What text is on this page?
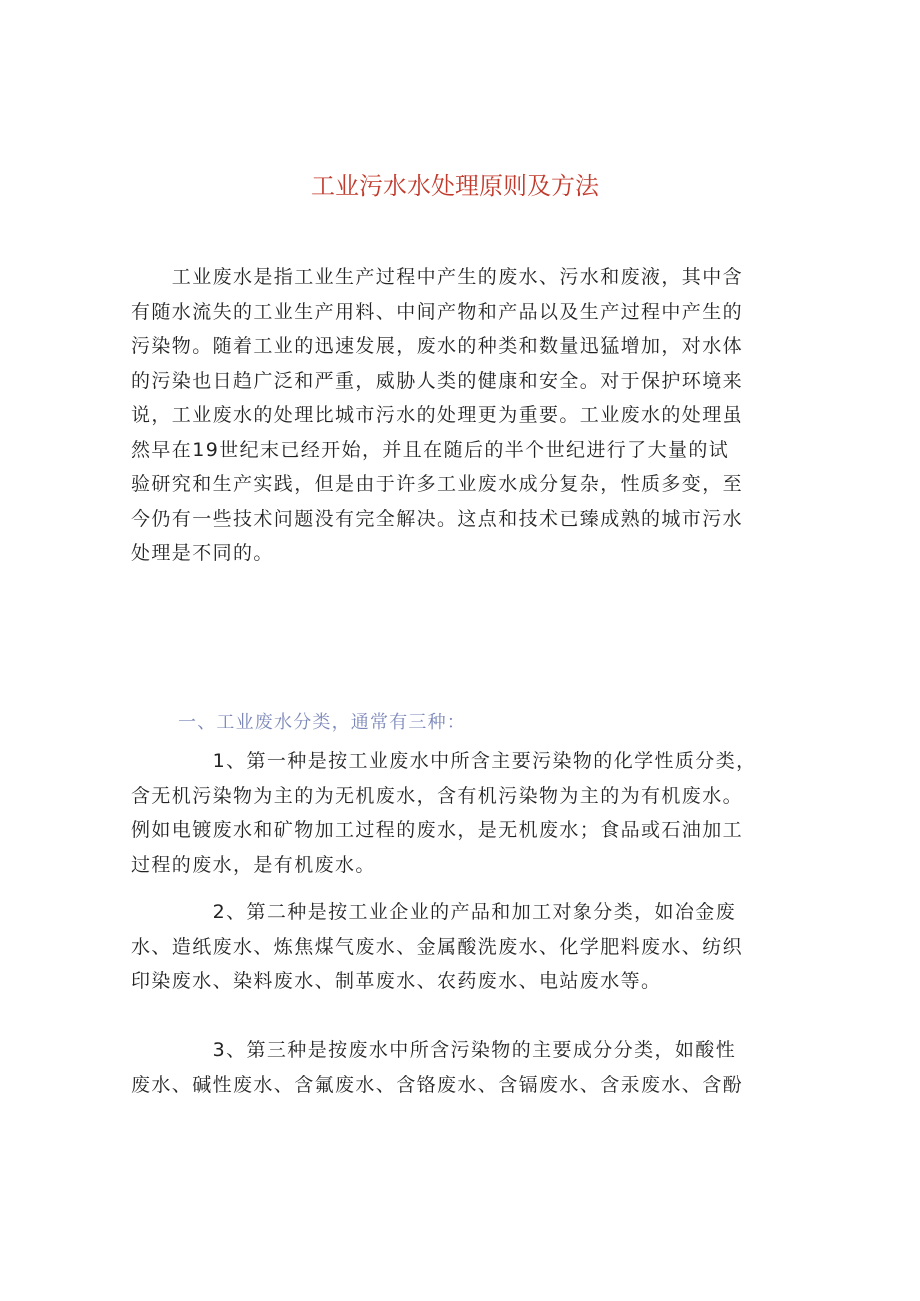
工业污水水处理原则及方法
　　工业废水是指工业生产过程中产生的废水、污水和废液，其中含
有随水流失的工业生产用料、中间产物和产品以及生产过程中产生的
污染物。随着工业的迅速发展，废水的种类和数量迅猛增加，对水体
的污染也日趋广泛和严重，威胁人类的健康和安全。对于保护环境来
说，工业废水的处理比城市污水的处理更为重要。工业废水的处理虽
然早在19世纪末已经开始，并且在随后的半个世纪进行了大量的试
验研究和生产实践，但是由于许多工业废水成分复杂，性质多变，至
今仍有一些技术问题没有完全解决。这点和技术已臻成熟的城市污水
处理是不同的。
一、工业废水分类，通常有三种：
　　　　1、第一种是按工业废水中所含主要污染物的化学性质分类，
含无机污染物为主的为无机废水，含有机污染物为主的为有机废水。
例如电镀废水和矿物加工过程的废水，是无机废水；食品或石油加工
过程的废水，是有机废水。
　　　　2、第二种是按工业企业的产品和加工对象分类，如冶金废
水、造纸废水、炼焦煤气废水、金属酸洗废水、化学肥料废水、纺织
印染废水、染料废水、制革废水、农药废水、电站废水等。
　　　　3、第三种是按废水中所含污染物的主要成分分类，如酸性
废水、碱性废水、含氟废水、含铬废水、含镉废水、含汞废水、含酚
